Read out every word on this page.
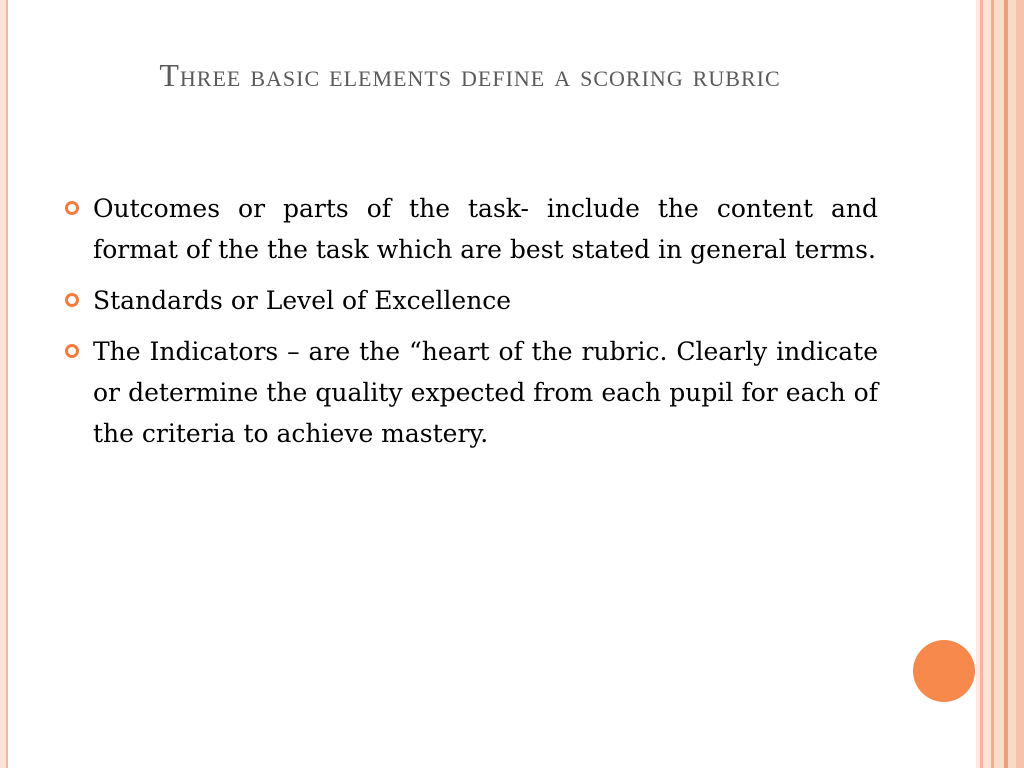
Three basic elements define a scoring rubric
Outcomes or parts of the task- include the content and format of the the task which are best stated in general terms.
Standards or Level of Excellence
The Indicators – are the “heart of the rubric. Clearly indicate or determine the quality expected from each pupil for each of the criteria to achieve mastery.
